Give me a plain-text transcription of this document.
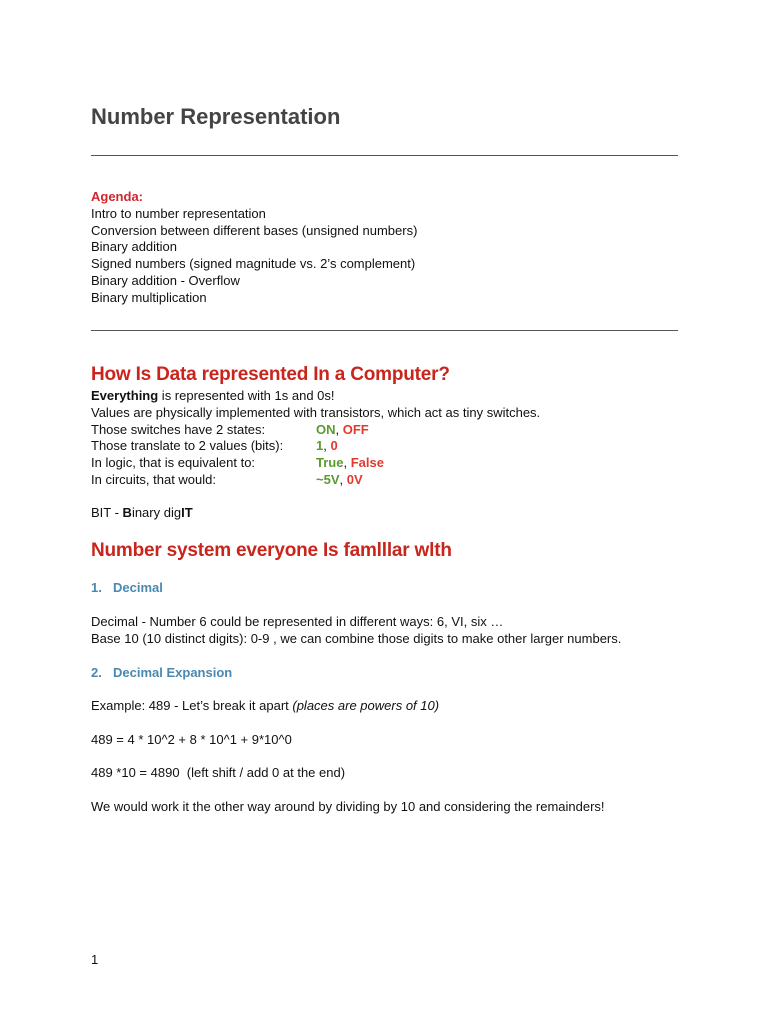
Number Representation
Agenda:
Intro to number representation
Conversion between different bases (unsigned numbers)
Binary addition
Signed numbers (signed magnitude vs. 2’s complement)
Binary addition - Overflow
Binary multiplication
How Is Data represented In a Computer?
Everything is represented with 1s and 0s!
Values are physically implemented with transistors, which act as tiny switches.
Those switches have 2 states:	ON , OFF
Those translate to 2 values (bits):	1 , 0
In logic, that is equivalent to:	True , False
In circuits, that would:	~5V , 0V
BIT - Binary digIT
Number system everyone Is famlllar wlth
1. Decimal
Decimal - Number 6 could be represented in different ways: 6, VI, six …
Base 10 (10 distinct digits): 0-9 , we can combine those digits to make other larger numbers.
2. Decimal Expansion
Example: 489 - Let’s break it apart (places are powers of 10)
489 = 4 * 10^2 + 8 * 10^1 + 9*10^0
489 *10 = 4890  (left shift / add 0 at the end)
We would work it the other way around by dividing by 10 and considering the remainders!
1
